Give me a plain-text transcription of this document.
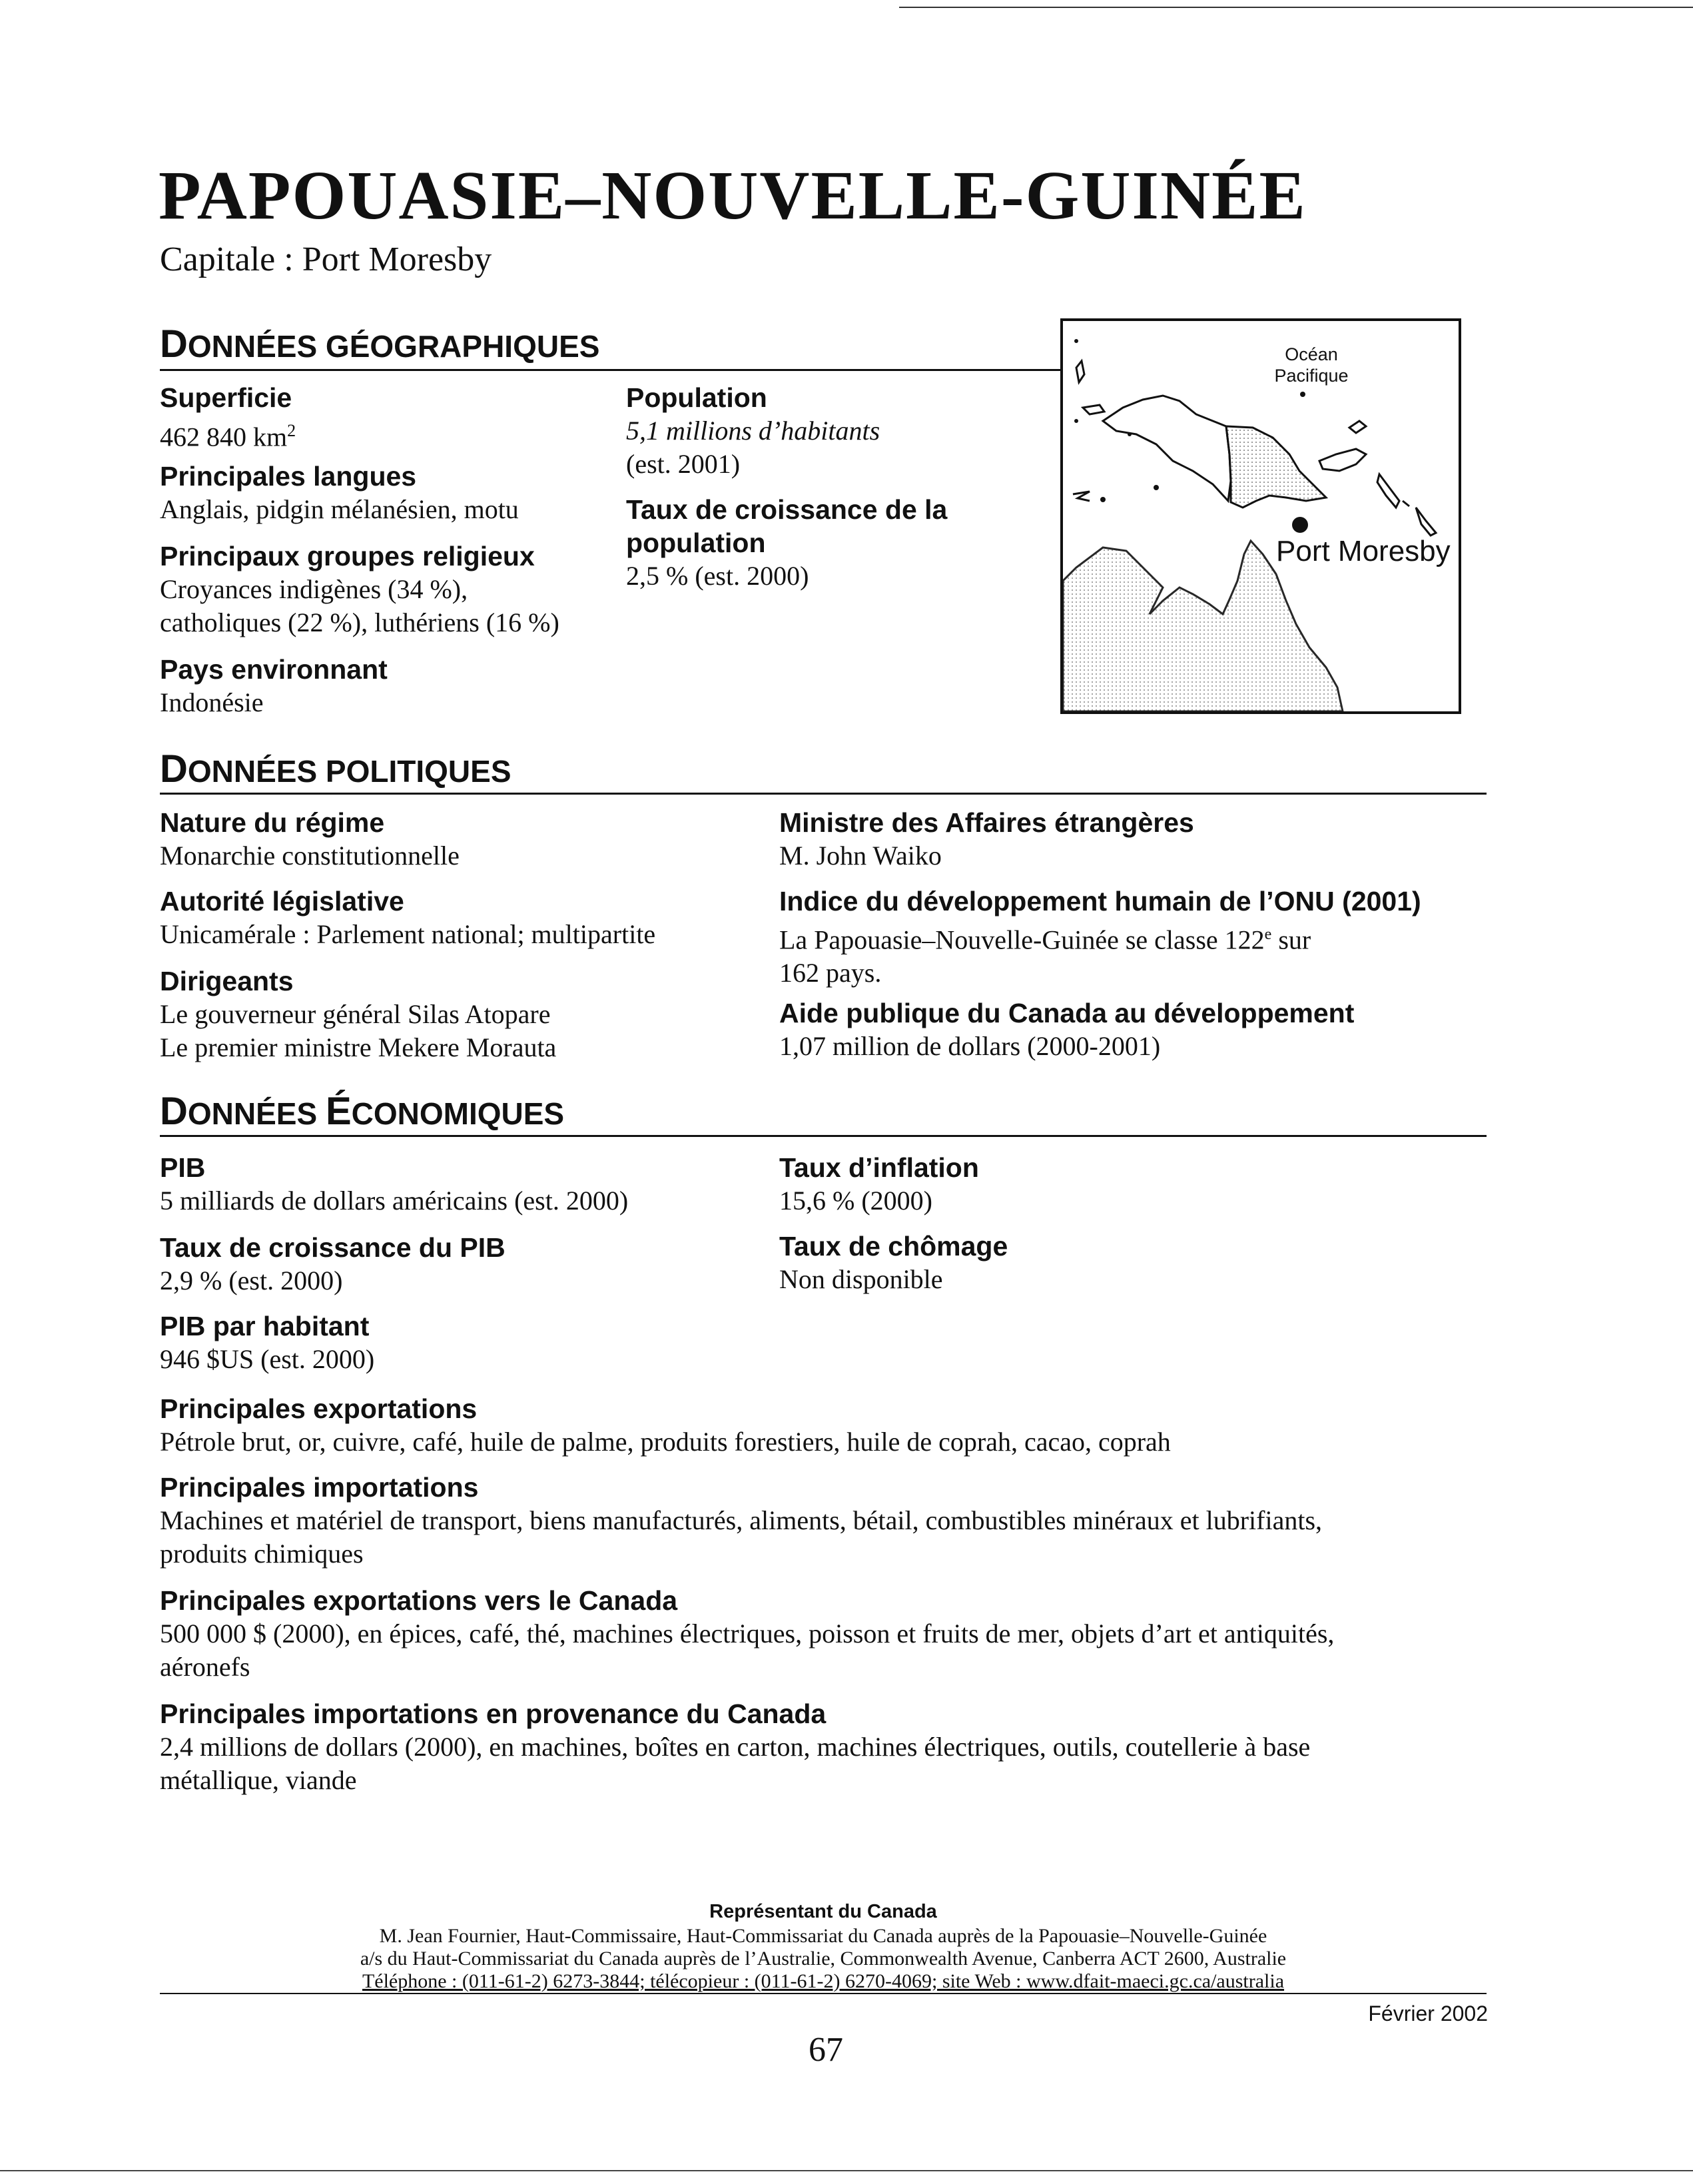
PAPOUASIE–NOUVELLE-GUINÉE
Capitale : Port Moresby
DONNÉES GÉOGRAPHIQUES
Superficie
462 840 $km^2$
Principales langues
Anglais, pidgin mélanésien, motu
Principaux groupes religieux
Croyances indigènes (34 %),
catholiques (22 %), luthériens (16 %)
Pays environnant
Indonésie
Population
5,1 millions d’habitants
(est. 2001)
Taux de croissance de la
population
2,5 % (est. 2000)
Océan
Pacifique
Port Moresby
DONNÉES POLITIQUES
Nature du régime
Monarchie constitutionnelle
Autorité législative
Unicamérale : Parlement national; multipartite
Dirigeants
Le gouverneur général Silas Atopare
Le premier ministre Mekere Morauta
Ministre des Affaires étrangères
M. John Waiko
Indice du développement humain de l’ONU (2001)
La Papouasie–Nouvelle-Guinée se classe 122e sur
162 pays.
Aide publique du Canada au développement
1,07 million de dollars (2000-2001)
DONNÉES ÉCONOMIQUES
PIB
5 milliards de dollars américains (est. 2000)
Taux de croissance du PIB
2,9 % (est. 2000)
PIB par habitant
946 $US (est. 2000)
Taux d’inflation
15,6 % (2000)
Taux de chômage
Non disponible
Principales exportations
Pétrole brut, or, cuivre, café, huile de palme, produits forestiers, huile de coprah, cacao, coprah
Principales importations
Machines et matériel de transport, biens manufacturés, aliments, bétail, combustibles minéraux et lubrifiants,
produits chimiques
Principales exportations vers le Canada
500 000 $ (2000), en épices, café, thé, machines électriques, poisson et fruits de mer, objets d’art et antiquités,
aéronefs
Principales importations en provenance du Canada
2,4 millions de dollars (2000), en machines, boîtes en carton, machines électriques, outils, coutellerie à base
métallique, viande
Représentant du Canada
M. Jean Fournier, Haut-Commissaire, Haut-Commissariat du Canada auprès de la Papouasie–Nouvelle-Guinée
a/s du Haut-Commissariat du Canada auprès de l’Australie, Commonwealth Avenue, Canberra ACT 2600, Australie
Téléphone : (011-61-2) 6273-3844; télécopieur : (011-61-2) 6270-4069; site Web : www.dfait-maeci.gc.ca/australia
Février 2002
67
